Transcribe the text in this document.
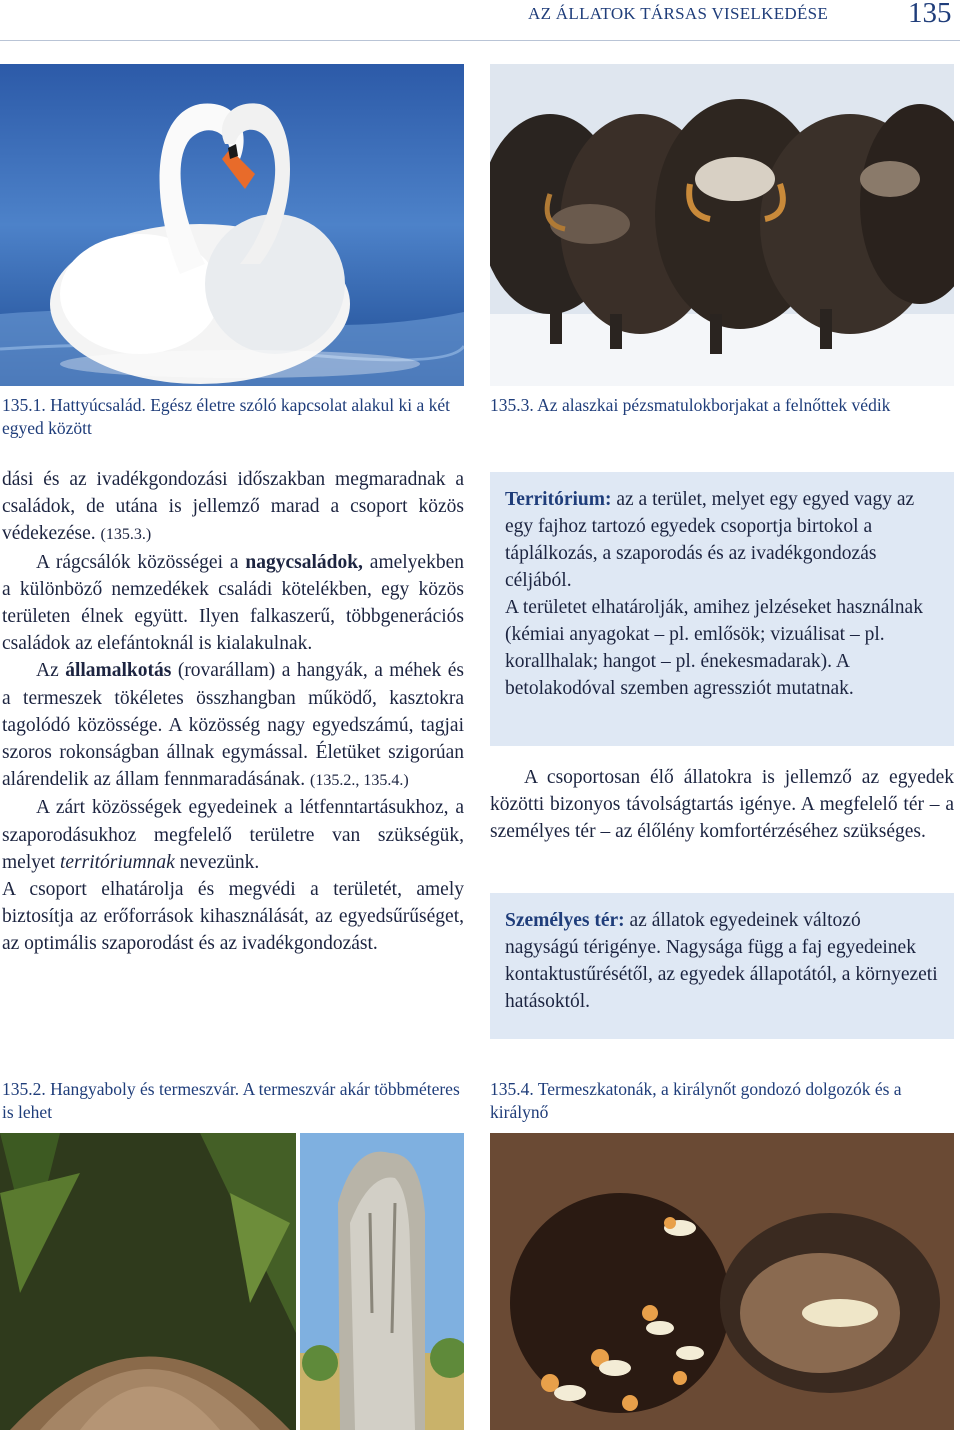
AZ ÁLLATOK TÁRSAS VISELKEDÉSE	135
135.1. Hattyúcsalád. Egész életre szóló kapcsolat alakul ki a két egyed között
135.3. Az alaszkai pézsmatulokborjakat a felnőttek védik

dási és az ivadékgondozási időszakban megmaradnak a családok, de utána is jellemző marad a csoport közös védekezése. (135.3.)

A rágcsálók közösségei a nagycsaládok, amelyekben a különböző nemzedékek családi kötelékben, egy közös területen élnek együtt. Ilyen falkaszerű, többgenerációs családok az elefántoknál is kialakulnak.

Az államalkotás (rovarállam) a hangyák, a méhek és a termeszek tökéletes összhangban működő, kasztokra tagolódó közössége. A közösség nagy egyedszámú, tagjai szoros rokonságban állnak egymással. Életüket szigorúan alárendelik az állam fennmaradásának. (135.2., 135.4.)

A zárt közösségek egyedeinek a létfenntartásukhoz, a szaporodásukhoz megfelelő területre van szükségük, melyet territóriumnak nevezünk.

A csoport elhatárolja és megvédi a területét, amely biztosítja az erőforrások kihasználását, az egyedsűrűséget, az optimális szaporodást és az ivadékgondozást.

Territórium: az a terület, melyet egy egyed vagy az egy fajhoz tartozó egyedek csoportja birtokol a táplálkozás, a szaporodás és az ivadékgondozás céljából.
A területet elhatárolják, amihez jelzéseket használnak (kémiai anyagokat – pl. emlősök; vizuálisat – pl. korallhalak; hangot – pl. énekesmadarak). A betolakodóval szemben agressziót mutatnak.
A csoportosan élő állatokra is jellemző az egyedek közötti bizonyos távolságtartás igénye. A megfelelő tér – a személyes tér – az élőlény komfortérzéséhez szükséges.
Személyes tér: az állatok egyedeinek változó nagyságú térigénye. Nagysága függ a faj egyedeinek kontaktustűrésétől, az egyedek állapotától, a környezeti hatásoktól.
135.2. Hangyaboly és termeszvár. A termeszvár akár többméteres is lehet
135.4. Termeszkatonák, a királynőt gondozó dolgozók és a királynő
